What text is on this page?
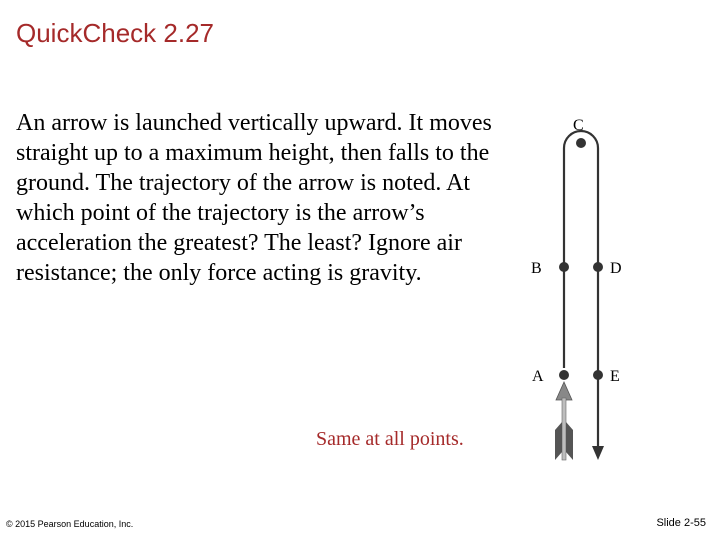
QuickCheck 2.27
An arrow is launched vertically upward. It moves straight up to a maximum height, then falls to the ground. The trajectory of the arrow is noted. At which point of the trajectory is the arrow’s acceleration the greatest? The least? Ignore air resistance; the only force acting is gravity.
Same at all points.
C
B	D
A	E
© 2015 Pearson Education, Inc.	Slide 2-55
